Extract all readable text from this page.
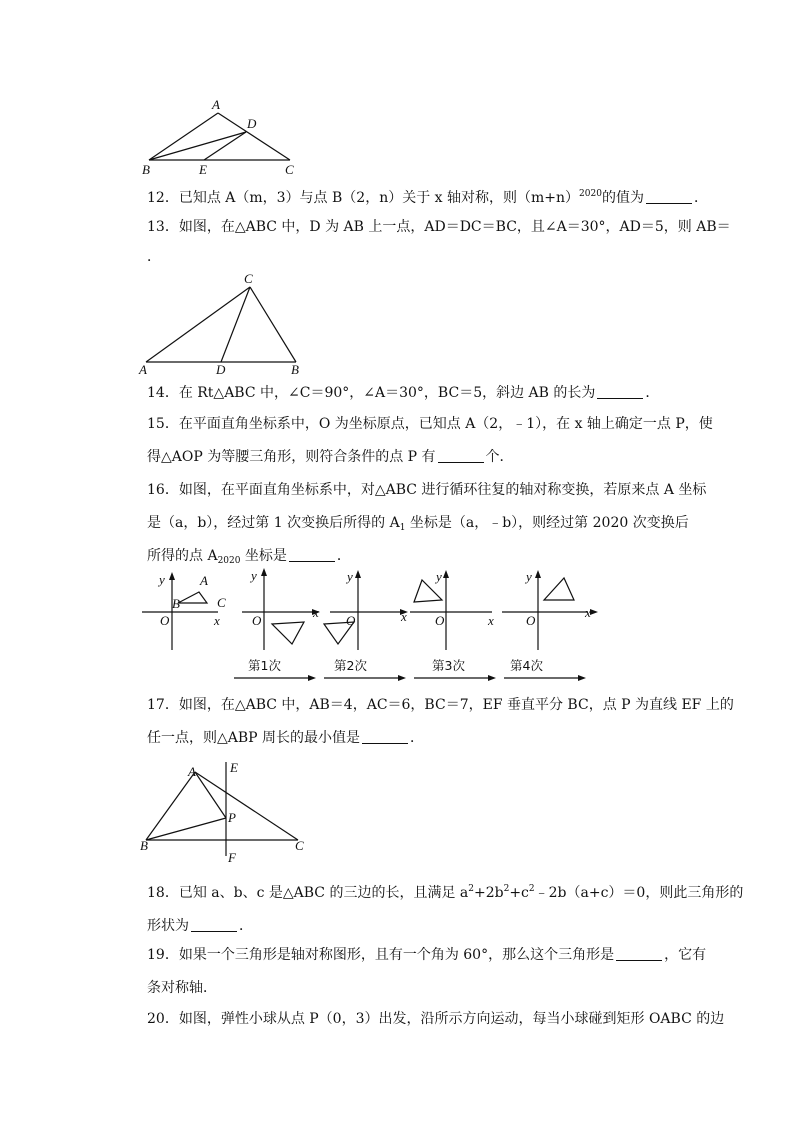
A
D
B	E	C
12．已知点 A（m，3）与点 B（2，n）关于 x 轴对称，则$(m+n)^{2020}$的值为	．
13．如图，在△ABC 中，D 为 AB 上一点，AD＝DC＝BC，且∠A＝30°，AD＝5，则 AB＝
．
C
A	D	B
14．在 Rt△ABC 中，∠C＝90°，∠A＝30°，BC＝5，斜边 AB 的长为	．
15．在平面直角坐标系中，O 为坐标原点，已知点 A（2，﹣1），在 x 轴上确定一点 P，使
得△AOP 为等腰三角形，则符合条件的点 P 有	个．
16．如图，在平面直角坐标系中，对△ABC 进行循环往复的轴对称变换，若原来点 A 坐标
是（a，b），经过第 1 次变换后所得的 $A_1$ 坐标是（a，﹣b），则经过第 2020 次变换后
所得的点 $A_{2020}$ 坐标是	．
y	A
B	C
O	x
y
O
x
y
O	x
y
O	x
y
O
x
第1次	第2次	第3次	第4次
17．如图，在△ABC 中，AB＝4，AC＝6，BC＝7，EF 垂直平分 BC，点 P 为直线 EF 上的
任一点，则△ABP 周长的最小值是	．
A	E
P
B	C
F
18．已知 a、b、c 是△ABC 的三边的长，且满足 $a^2+2b^2+c^2﹣2b(a+c)=0$，则此三角形的
形状为	．
19．如果一个三角形是轴对称图形，且有一个角为 60°，那么这个三角形是	，它有
条对称轴．
20．如图，弹性小球从点 P（0，3）出发，沿所示方向运动，每当小球碰到矩形 OABC 的边
